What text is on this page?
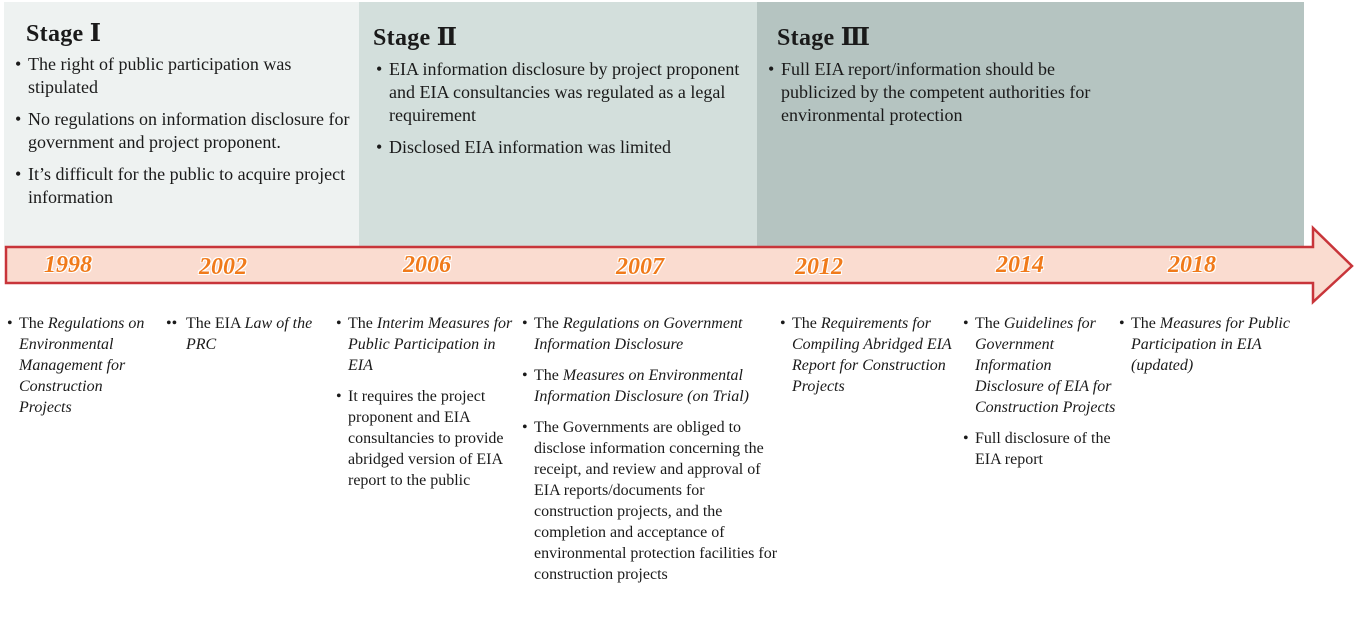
Stage Ⅰ
• The right of public participation was stipulated
• No regulations on information disclosure for government and project proponent.
• It’s difficult for the public to acquire project information
Stage Ⅱ
• EIA information disclosure by project proponent and EIA consultancies was regulated as a legal requirement
• Disclosed EIA information was limited
Stage Ⅲ
• Full EIA report/information should be publicized by the competent authorities for environmental protection
1998	2002	2006	2007	2012	2014	2018
• The Regulations on Environmental Management for Construction Projects
•• The EIA Law of the PRC
• The Interim Measures for Public Participation in EIA
• It requires the project proponent and EIA consultancies to provide abridged version of EIA report to the public
• The Regulations on Government Information Disclosure
• The Measures on Environmental Information Disclosure (on Trial)
• The Governments are obliged to disclose information concerning the receipt, and review and approval of EIA reports/documents for construction projects, and the completion and acceptance of environmental protection facilities for construction projects
• The Requirements for Compiling Abridged EIA Report for Construction Projects
• The Guidelines for Government Information Disclosure of EIA for Construction Projects
• Full disclosure of the EIA report
• The Measures for Public Participation in EIA (updated)
